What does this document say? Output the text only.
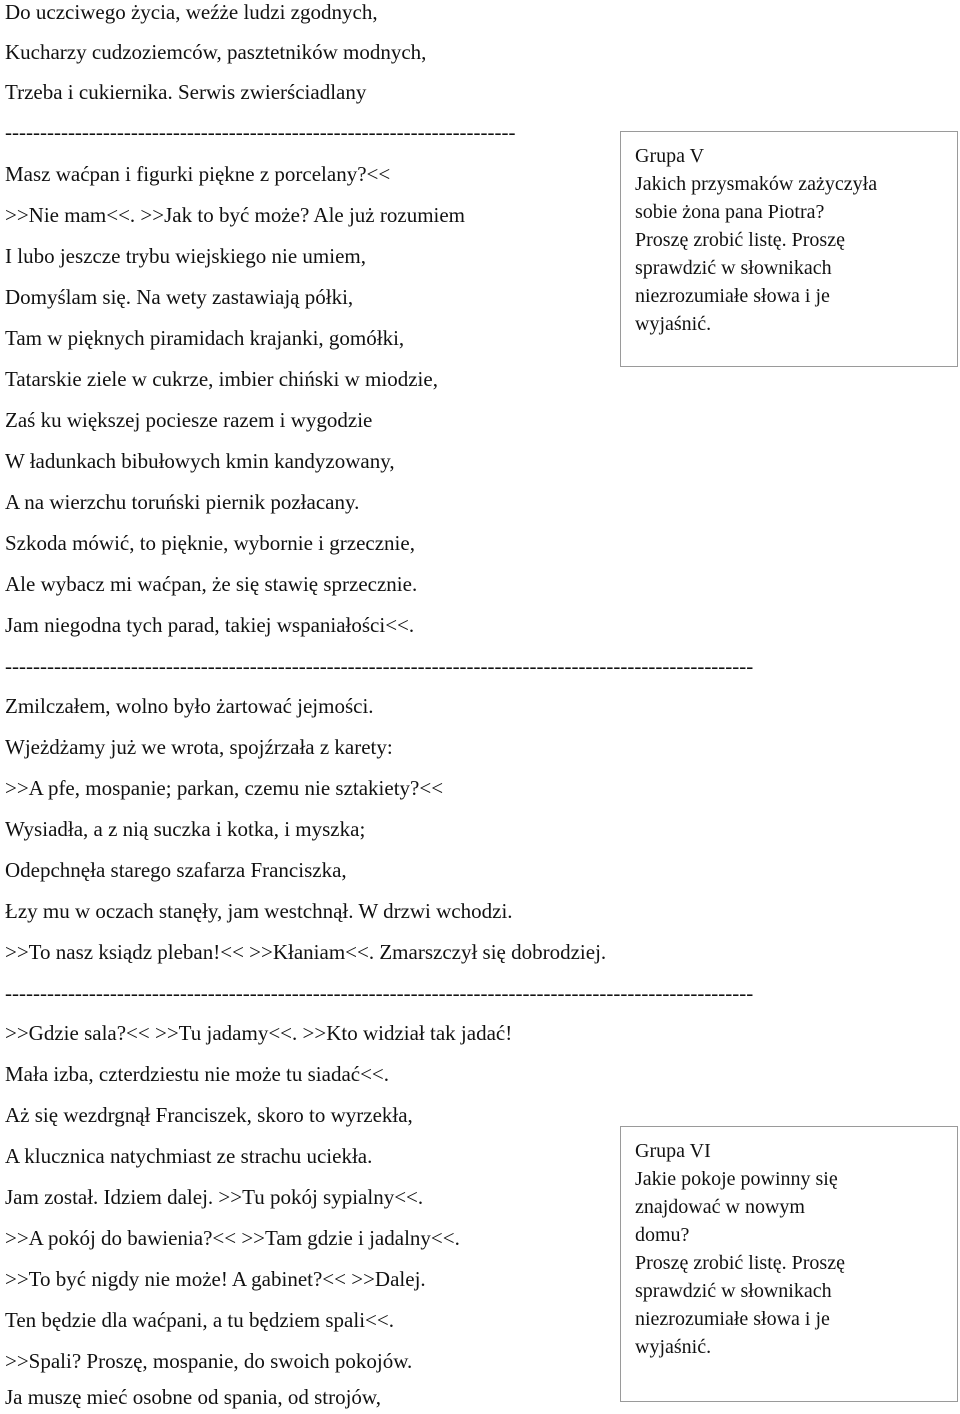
Do uczciwego życia, weźże ludzi zgodnych,
Kucharzy cudzoziemców, pasztetników modnych,
Trzeba i cukiernika. Serwis zwierściadlany
-------------------------------------------------------------------------
Masz waćpan i figurki piękne z porcelany?<<
>>Nie mam<<. >>Jak to być może? Ale już rozumiem
I lubo jeszcze trybu wiejskiego nie umiem,
Domyślam się. Na wety zastawiają półki,
Tam w pięknych piramidach krajanki, gomółki,
Tatarskie ziele w cukrze, imbier chiński w miodzie,
Zaś ku większej pociesze razem i wygodzie
W ładunkach bibułowych kmin kandyzowany,
A na wierzchu toruński piernik pozłacany.
Szkoda mówić, to pięknie, wybornie i grzecznie,
Ale wybacz mi waćpan, że się stawię sprzecznie.
Jam niegodna tych parad, takiej wspaniałości<<.
-----------------------------------------------------------------------------------------------------------
Zmilczałem, wolno było żartować jejmości.
Wjeżdżamy już we wrota, spojźrzała z karety:
>>A pfe, mospanie; parkan, czemu nie sztakiety?<<
Wysiadła, a z nią suczka i kotka, i myszka;
Odepchnęła starego szafarza Franciszka,
Łzy mu w oczach stanęły, jam westchnął. W drzwi wchodzi.
>>To nasz ksiądz pleban!<< >>Kłaniam<<. Zmarszczył się dobrodziej.
-----------------------------------------------------------------------------------------------------------
>>Gdzie sala?<< >>Tu jadamy<<. >>Kto widział tak jadać!
Mała izba, czterdziestu nie może tu siadać<<.
Aż się wezdrgnął Franciszek, skoro to wyrzekła,
A klucznica natychmiast ze strachu uciekła.
Jam został. Idziem dalej. >>Tu pokój sypialny<<.
>>A pokój do bawienia?<< >>Tam gdzie i jadalny<<.
>>To być nigdy nie może! A gabinet?<< >>Dalej.
Ten będzie dla waćpani, a tu będziem spali<<.
>>Spali? Proszę, mospanie, do swoich pokojów.
Ja muszę mieć osobne od spania, od strojów,
Grupa V
Jakich przysmaków zażyczyła
sobie żona pana Piotra?
Proszę zrobić listę. Proszę
sprawdzić w słownikach
niezrozumiałe słowa i je
wyjaśnić.
Grupa VI
Jakie pokoje powinny się
znajdować w nowym
domu?
Proszę zrobić listę. Proszę
sprawdzić w słownikach
niezrozumiałe słowa i je
wyjaśnić.
